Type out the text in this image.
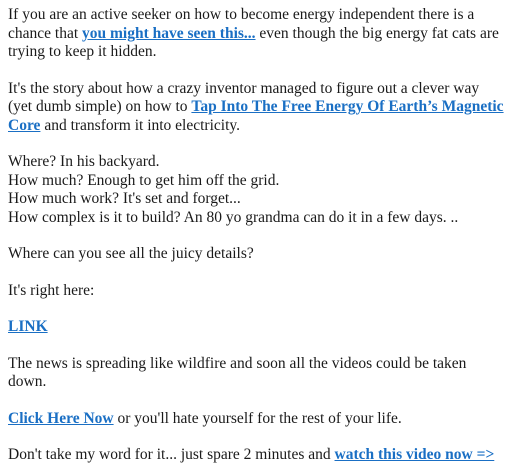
If you are an active seeker on how to become energy independent there is a chance that you might have seen this... even though the big energy fat cats are trying to keep it hidden.

It's the story about how a crazy inventor managed to figure out a clever way (yet dumb simple) on how to Tap Into The Free Energy Of Earth’s Magnetic Core and transform it into electricity.

Where? In his backyard.
How much? Enough to get him off the grid.
How much work? It's set and forget...
How complex is it to build? An 80 yo grandma can do it in a few days. ..

Where can you see all the juicy details?

It's right here:

LINK

The news is spreading like wildfire and soon all the videos could be taken down.

Click Here Now or you'll hate yourself for the rest of your life.

Don't take my word for it... just spare 2 minutes and watch this video now =>
